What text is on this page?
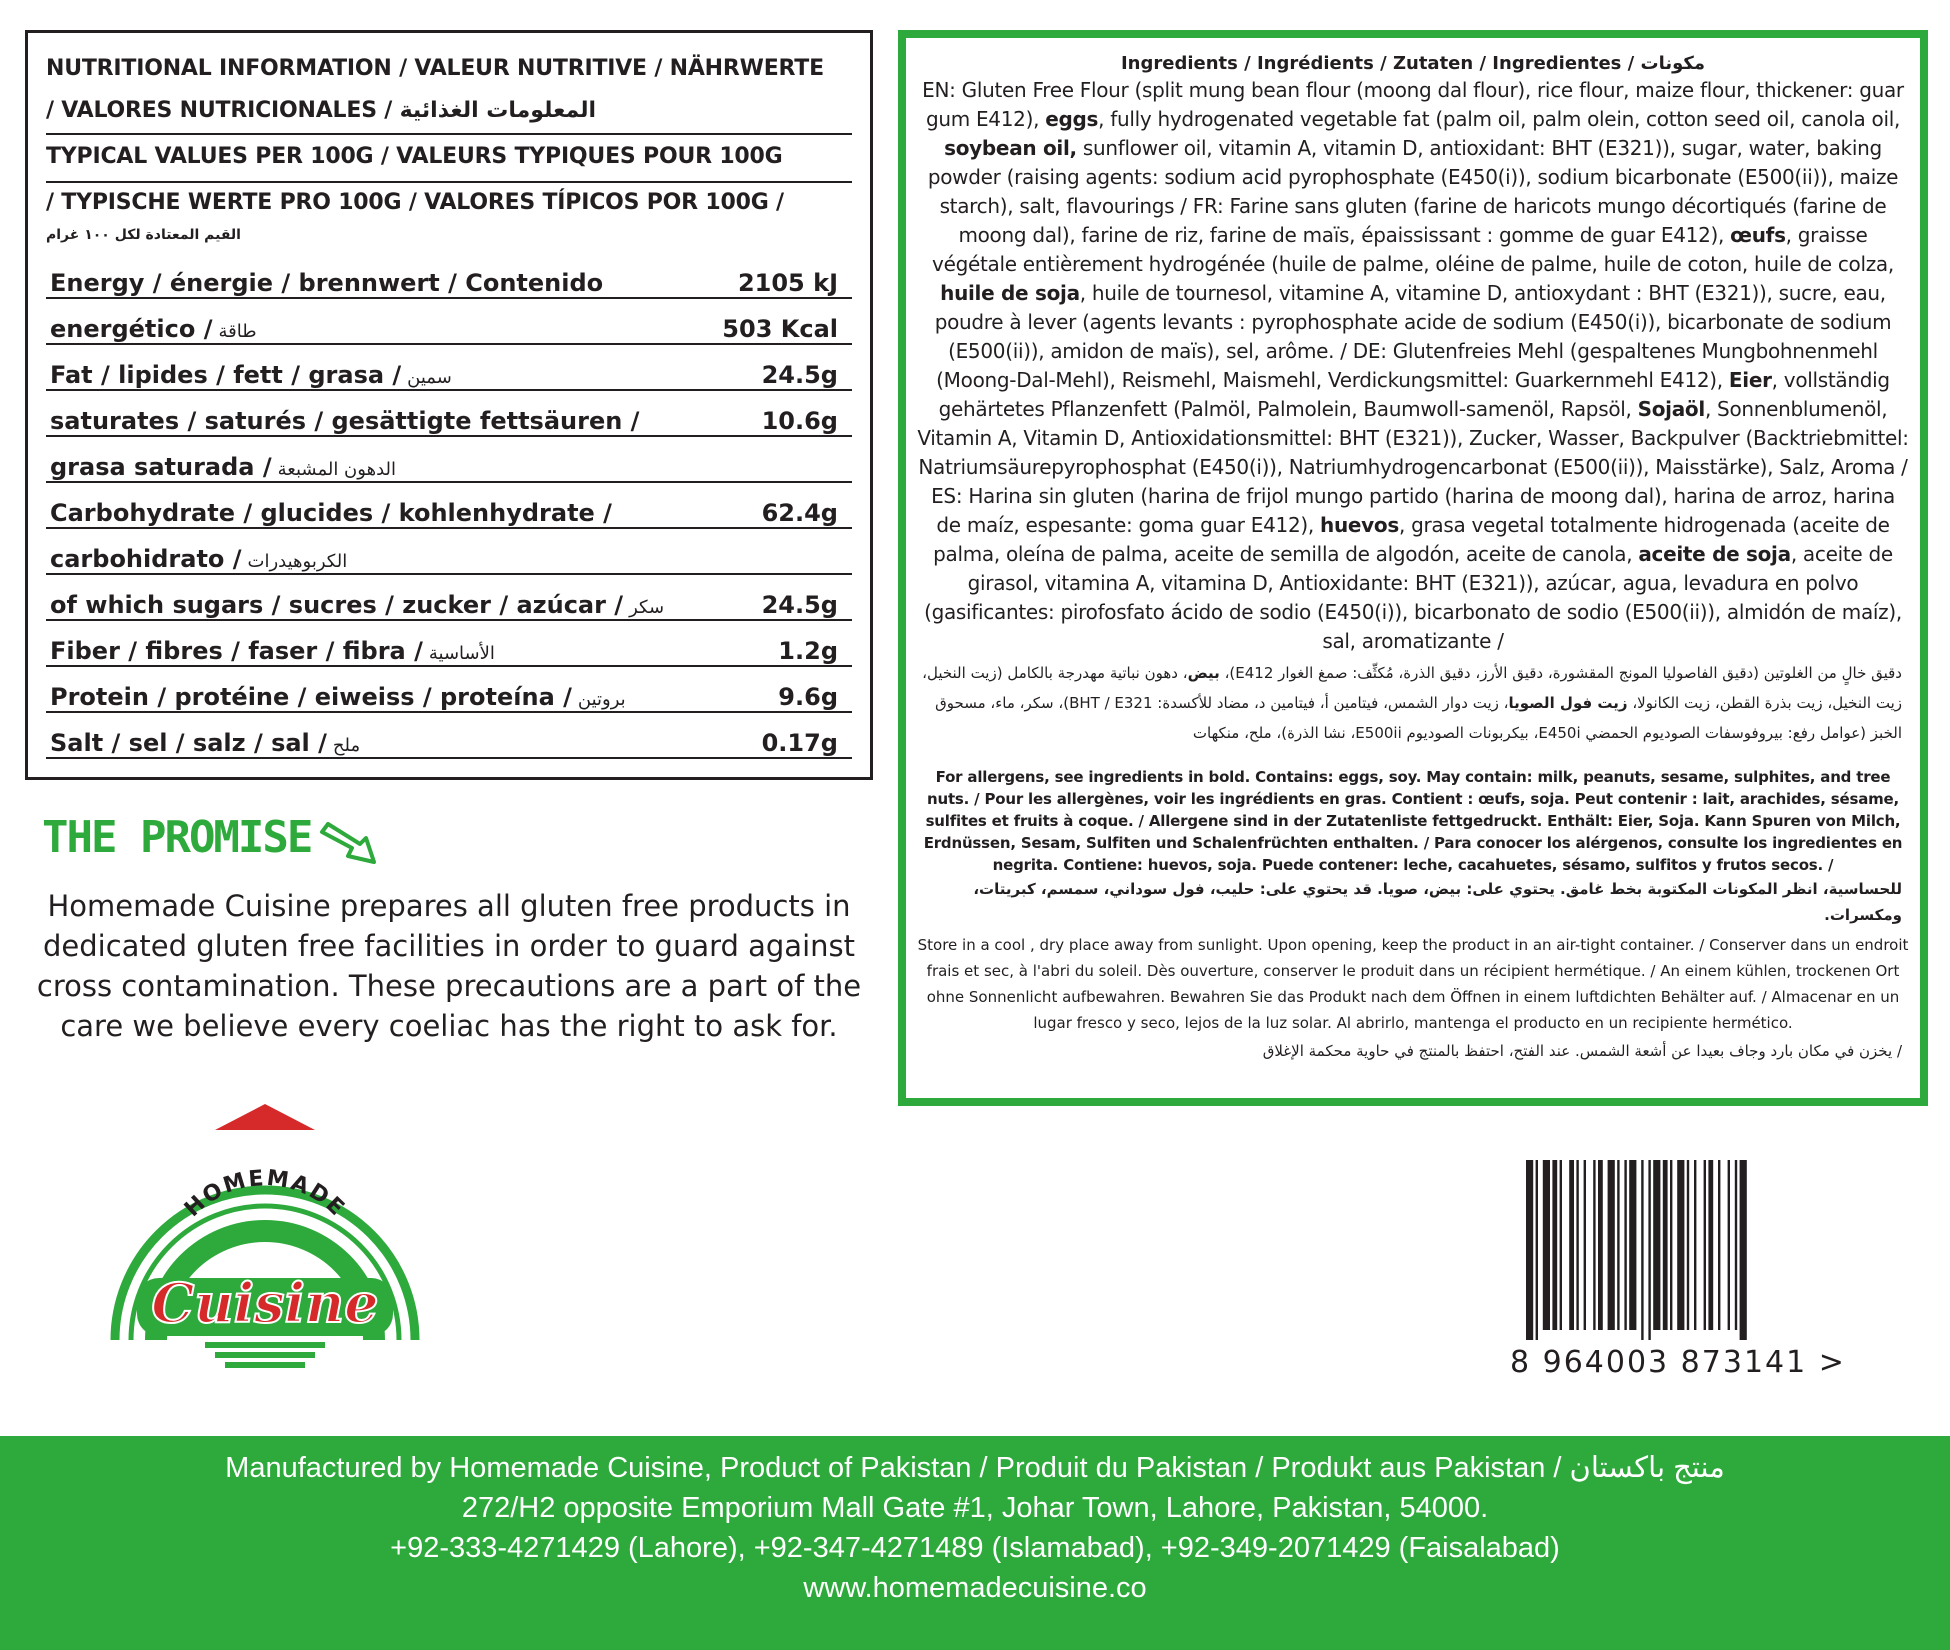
NUTRITIONAL INFORMATION / VALEUR NUTRITIVE / NÄHRWERTE
/ VALORES NUTRICIONALES / المعلومات الغذائية
TYPICAL VALUES PER 100G / VALEURS TYPIQUES POUR 100G
/ TYPISCHE WERTE PRO 100G / VALORES TÍPICOS POR 100G /
القيم المعتادة لكل ١٠٠ غرام
Energy / énergie / brennwert / Contenido	2105 kJ
energético / طاقة	503 Kcal
Fat / lipides / fett / grasa / سمين	24.5g
saturates / saturés / gesättigte fettsäuren /	10.6g
grasa saturada / الدهون المشبعة
Carbohydrate / glucides / kohlenhydrate /	62.4g
carbohidrato / الكربوهيدرات
of which sugars / sucres / zucker / azúcar / سكر	24.5g
Fiber / fibres / faser / fibra / الأساسية	1.2g
Protein / protéine / eiweiss / proteína / بروتين	9.6g
Salt / sel / salz / sal / ملح	0.17g
THE PROMISE
Homemade Cuisine prepares all gluten free products in
dedicated gluten free facilities in order to guard against
cross contamination. These precautions are a part of the
care we believe every coeliac has the right to ask for.
HOMEMADE
Cuisine
Ingredients / Ingrédients / Zutaten / Ingredientes / مكونات
EN: Gluten Free Flour (split mung bean flour (moong dal flour), rice flour, maize flour, thickener: guar gum E412), eggs, fully hydrogenated vegetable fat (palm oil, palm olein, cotton seed oil, canola oil, soybean oil, sunflower oil, vitamin A, vitamin D, antioxidant: BHT (E321)), sugar, water, baking powder (raising agents: sodium acid pyrophosphate (E450(i)), sodium bicarbonate (E500(ii)), maize starch), salt, flavourings / FR: Farine sans gluten (farine de haricots mungo décortiqués (farine de moong dal), farine de riz, farine de maïs, épaississant : gomme de guar E412), œufs, graisse végétale entièrement hydrogénée (huile de palme, oléine de palme, huile de coton, huile de colza, huile de soja, huile de tournesol, vitamine A, vitamine D, antioxydant : BHT (E321)), sucre, eau, poudre à lever (agents levants : pyrophosphate acide de sodium (E450(i)), bicarbonate de sodium (E500(ii)), amidon de maïs), sel, arôme. / DE: Glutenfreies Mehl (gespaltenes Mungbohnenmehl (Moong-Dal-Mehl), Reismehl, Maismehl, Verdickungsmittel: Guarkernmehl E412), Eier, vollständig gehärtetes Pflanzenfett (Palmöl, Palmolein, Baumwoll-samenöl, Rapsöl, Sojaöl, Sonnenblumenöl, Vitamin A, Vitamin D, Antioxidationsmittel: BHT (E321)), Zucker, Wasser, Backpulver (Backtriebmittel: Natriumsäurepyrophosphat (E450(i)), Natriumhydrogencarbonat (E500(ii)), Maisstärke), Salz, Aroma / ES: Harina sin gluten (harina de frijol mungo partido (harina de moong dal), harina de arroz, harina de maíz, espesante: goma guar E412), huevos, grasa vegetal totalmente hidrogenada (aceite de palma, oleína de palma, aceite de semilla de algodón, aceite de canola, aceite de soja, aceite de girasol, vitamina A, vitamina D, Antioxidante: BHT (E321)), azúcar, agua, levadura en polvo (gasificantes: pirofosfato ácido de sodio (E450(i)), bicarbonato de sodio (E500(ii)), almidón de maíz), sal, aromatizante /
دقيق خالٍ من الغلوتين (دقيق الفاصوليا المونج المقشورة، دقيق الأرز، دقيق الذرة، مُكثِّف: صمغ الغوار E412)، بيض، دهون نباتية مهدرجة بالكامل (زيت النخيل، زيت النخيل، زيت بذرة القطن، زيت الكانولا، زيت فول الصويا، زيت دوار الشمس، فيتامين أ، فيتامين د، مضاد للأكسدة: BHT / E321)، سكر، ماء، مسحوق الخبز (عوامل رفع: بيروفوسفات الصوديوم الحمضي E450i، بيكربونات الصوديوم E500ii، نشا الذرة)، ملح، منكهات
For allergens, see ingredients in bold. Contains: eggs, soy. May contain: milk, peanuts, sesame, sulphites, and tree nuts. / Pour les allergènes, voir les ingrédients en gras. Contient : œufs, soja. Peut contenir : lait, arachides, sésame, sulfites et fruits à coque. / Allergene sind in der Zutatenliste fettgedruckt. Enthält: Eier, Soja. Kann Spuren von Milch, Erdnüssen, Sesam, Sulfiten und Schalenfrüchten enthalten. / Para conocer los alérgenos, consulte los ingredientes en negrita. Contiene: huevos, soja. Puede contener: leche, cacahuetes, sésamo, sulfitos y frutos secos. /
للحساسية، انظر المكونات المكتوبة بخط غامق. يحتوي على: بيض، صويا. قد يحتوي على: حليب، فول سوداني، سمسم، كبريتات، ومكسرات.
Store in a cool , dry place away from sunlight. Upon opening, keep the product in an air-tight container. / Conserver dans un endroit frais et sec, à l'abri du soleil. Dès ouverture, conserver le produit dans un récipient hermétique. / An einem kühlen, trockenen Ort ohne Sonnenlicht aufbewahren. Bewahren Sie das Produkt nach dem Öffnen in einem luftdichten Behälter auf. / Almacenar en un lugar fresco y seco, lejos de la luz solar. Al abrirlo, mantenga el producto en un recipiente hermético.
/ يخزن في مكان بارد وجاف بعيدا عن أشعة الشمس. عند الفتح، احتفظ بالمنتج في حاوية محكمة الإغلاق
8 964003 873141 >
Manufactured by Homemade Cuisine, Product of Pakistan / Produit du Pakistan / Produkt aus Pakistan / منتج باكستان
272/H2 opposite Emporium Mall Gate #1, Johar Town, Lahore, Pakistan, 54000.
+92-333-4271429 (Lahore), +92-347-4271489 (Islamabad), +92-349-2071429 (Faisalabad)
www.homemadecuisine.co
